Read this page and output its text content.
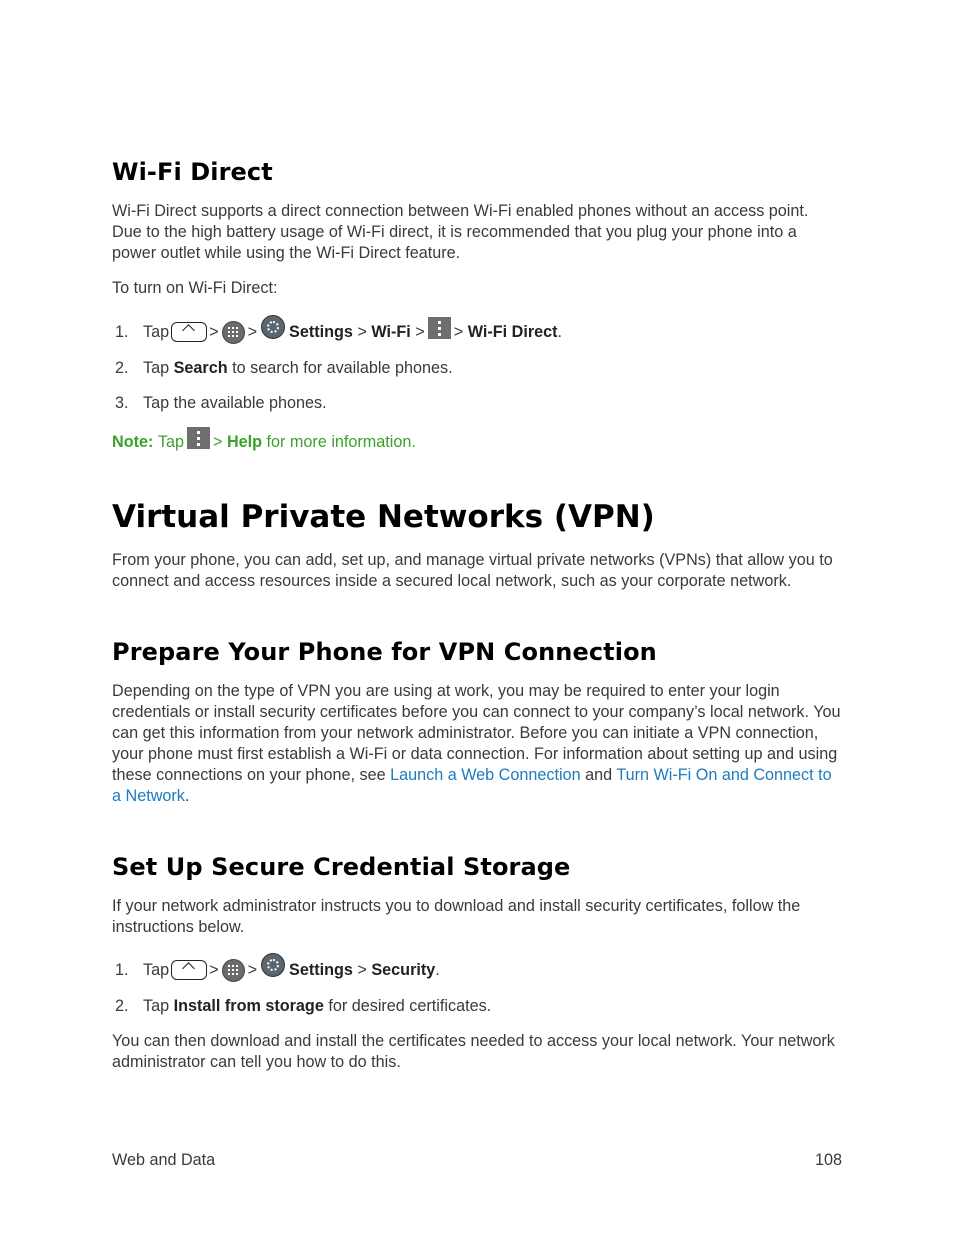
Wi-Fi Direct

Wi-Fi Direct supports a direct connection between Wi-Fi enabled phones without an access point. Due to the high battery usage of Wi-Fi direct, it is recommended that you plug your phone into a power outlet while using the Wi-Fi Direct feature.

To turn on Wi-Fi Direct:

1. Tap > > Settings
>
Wi-Fi
> >
Wi-Fi Direct .
2. Tap
Search
to search for available phones.
3. Tap the available phones.
Note:
Tap >
Help
for more information.
Virtual Private Networks (VPN)

From your phone, you can add, set up, and manage virtual private networks (VPNs) that allow you to connect and access resources inside a secured local network, such as your corporate network.

Prepare Your Phone for VPN Connection

Depending on the type of VPN you are using at work, you may be required to enter your login credentials or install security certificates before you can connect to your company’s local network. You can get this information from your network administrator. Before you can initiate a VPN connection, your phone must first establish a Wi-Fi or data connection. For information about setting up and using these connections on your phone, see Launch a Web Connection and Turn Wi-Fi On and Connect to a Network.

Set Up Secure Credential Storage

If your network administrator instructs you to download and install security certificates, follow the instructions below.

1. Tap > > Settings
>
Security .
2. Tap
Install from storage
for desired certificates.

You can then download and install the certificates needed to access your local network. Your network administrator can tell you how to do this.

Web and Data	108
